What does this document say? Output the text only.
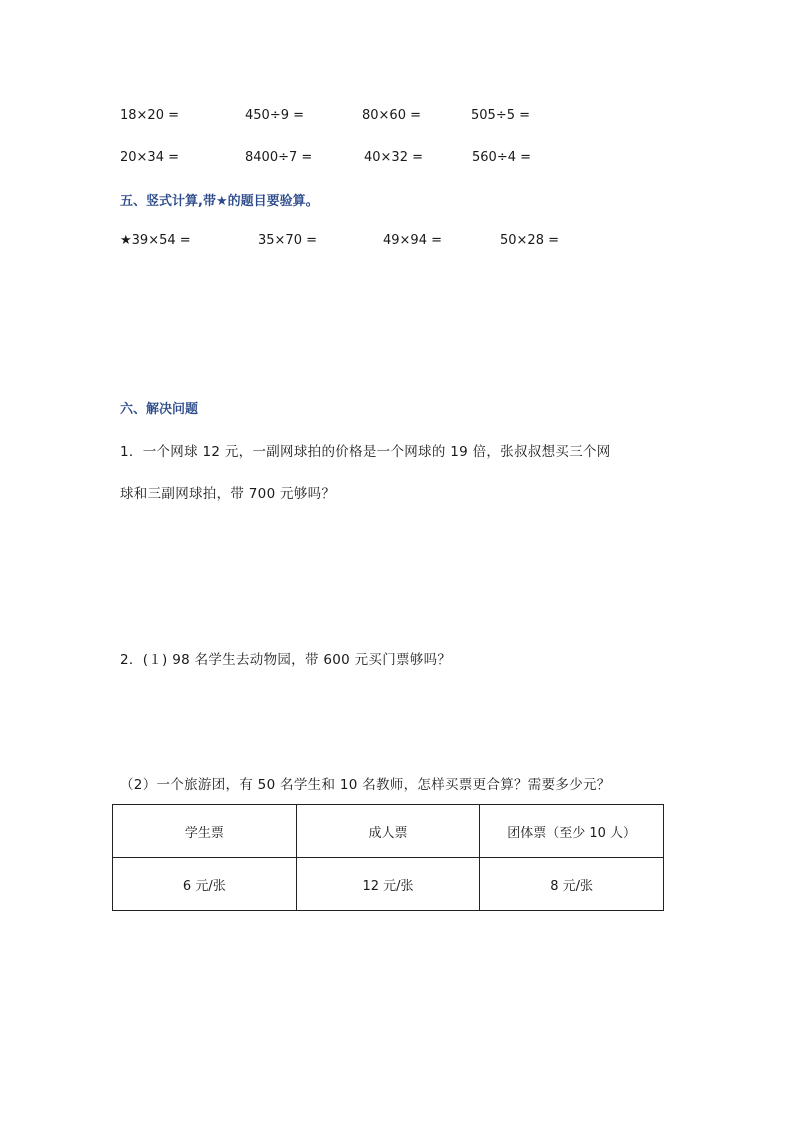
18×20 =	450÷9 =	80×60 =	505÷5 =
20×34 =	8400÷7 =	40×32 =	560÷4 =
五、竖式计算,带★的题目要验算。
★39×54 =	35×70 =	49×94 =	50×28 =
六、解决问题
1．一个网球 12 元，一副网球拍的价格是一个网球的 19 倍，张叔叔想买三个网
球和三副网球拍，带 700 元够吗？
2．(１) 98 名学生去动物园，带 600 元买门票够吗？
（2）一个旅游团，有 50 名学生和 10 名教师，怎样买票更合算？需要多少元？
学生票	成人票	团体票（至少 10 人）
6 元/张	12 元/张	8 元/张
